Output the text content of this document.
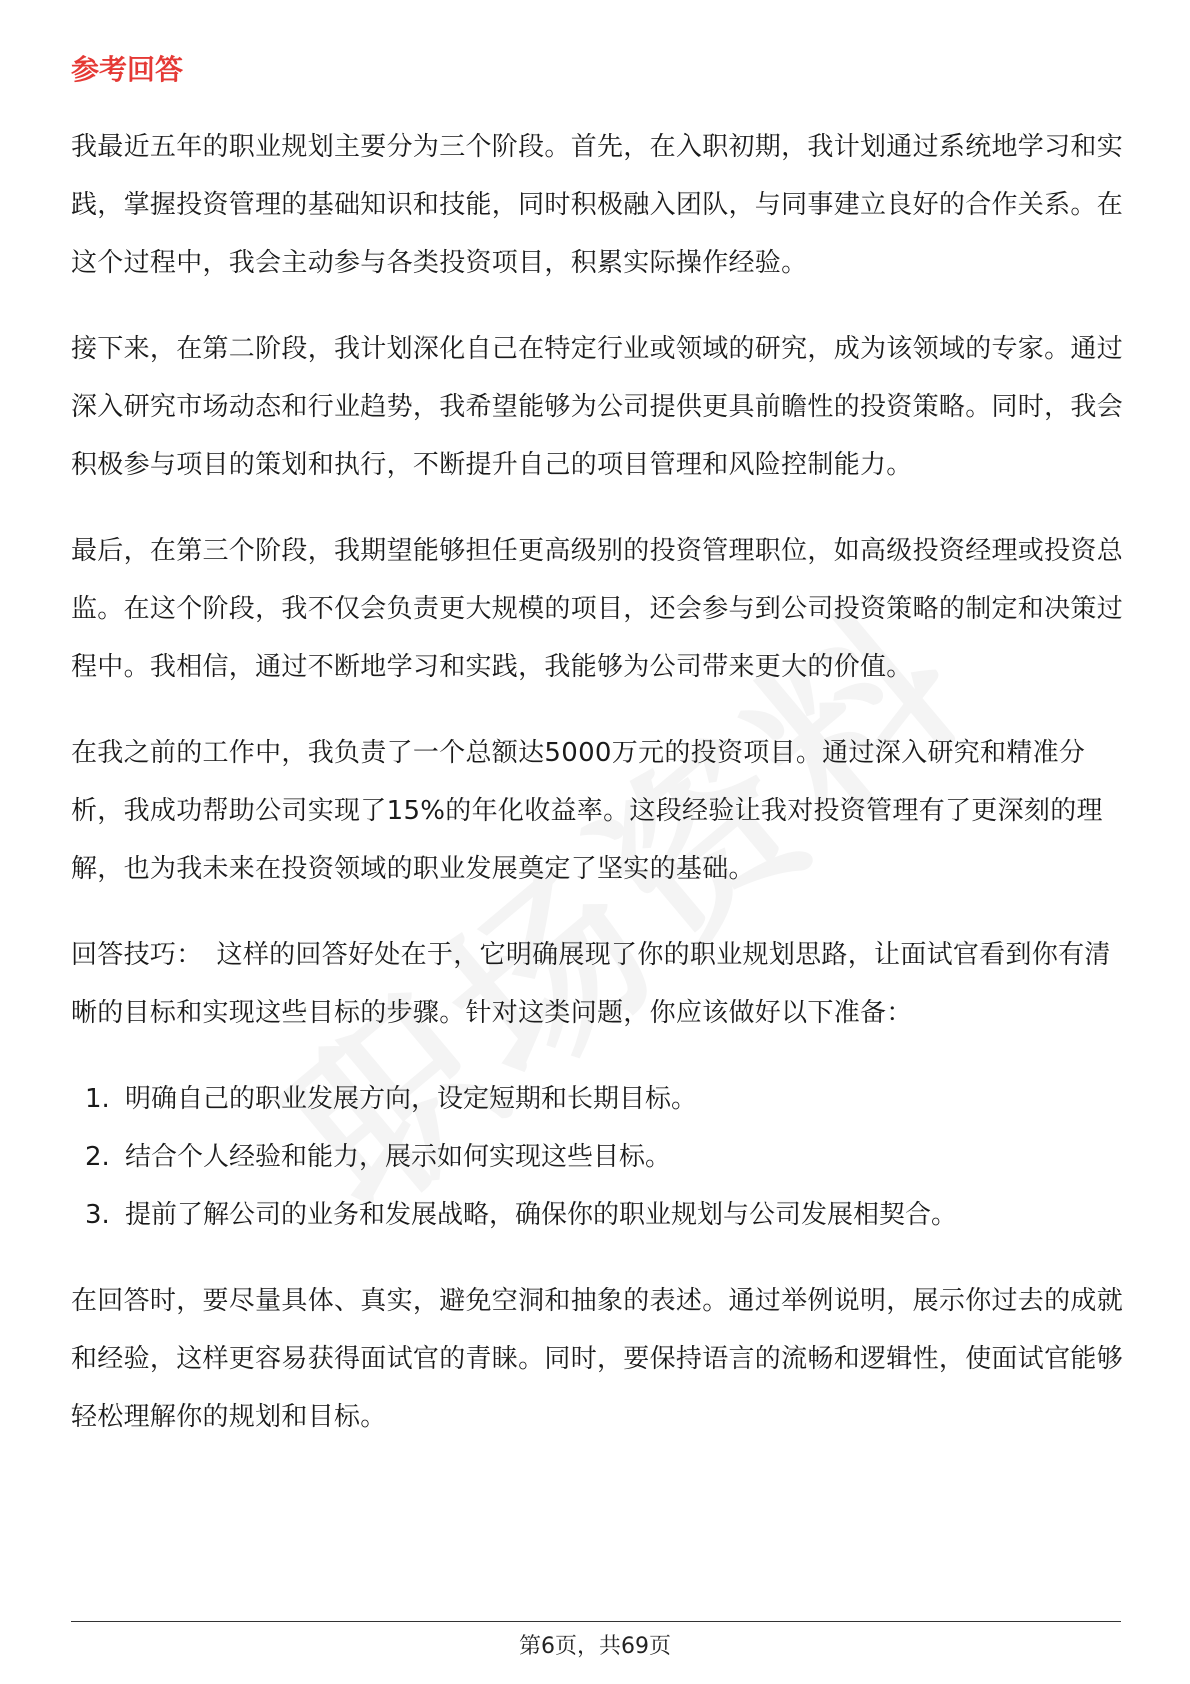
参考回答

我最近五年的职业规划主要分为三个阶段。首先，在入职初期，我计划通过系统地学习和实践，掌握投资管理的基础知识和技能，同时积极融入团队，与同事建立良好的合作关系。在这个过程中，我会主动参与各类投资项目，积累实际操作经验。

接下来，在第二阶段，我计划深化自己在特定行业或领域的研究，成为该领域的专家。通过深入研究市场动态和行业趋势，我希望能够为公司提供更具前瞻性的投资策略。同时，我会积极参与项目的策划和执行，不断提升自己的项目管理和风险控制能力。

最后，在第三个阶段，我期望能够担任更高级别的投资管理职位，如高级投资经理或投资总监。在这个阶段，我不仅会负责更大规模的项目，还会参与到公司投资策略的制定和决策过程中。我相信，通过不断地学习和实践，我能够为公司带来更大的价值。

在我之前的工作中，我负责了一个总额达5000万元的投资项目。通过深入研究和精准分析，我成功帮助公司实现了15%的年化收益率。这段经验让我对投资管理有了更深刻的理解，也为我未来在投资领域的职业发展奠定了坚实的基础。

回答技巧： 这样的回答好处在于，它明确展现了你的职业规划思路，让面试官看到你有清晰的目标和实现这些目标的步骤。针对这类问题，你应该做好以下准备：

1. 明确自己的职业发展方向，设定短期和长期目标。
2. 结合个人经验和能力，展示如何实现这些目标。
3. 提前了解公司的业务和发展战略，确保你的职业规划与公司发展相契合。

在回答时，要尽量具体、真实，避免空洞和抽象的表述。通过举例说明，展示你过去的成就和经验，这样更容易获得面试官的青睐。同时，要保持语言的流畅和逻辑性，使面试官能够轻松理解你的规划和目标。

第6页，共69页
